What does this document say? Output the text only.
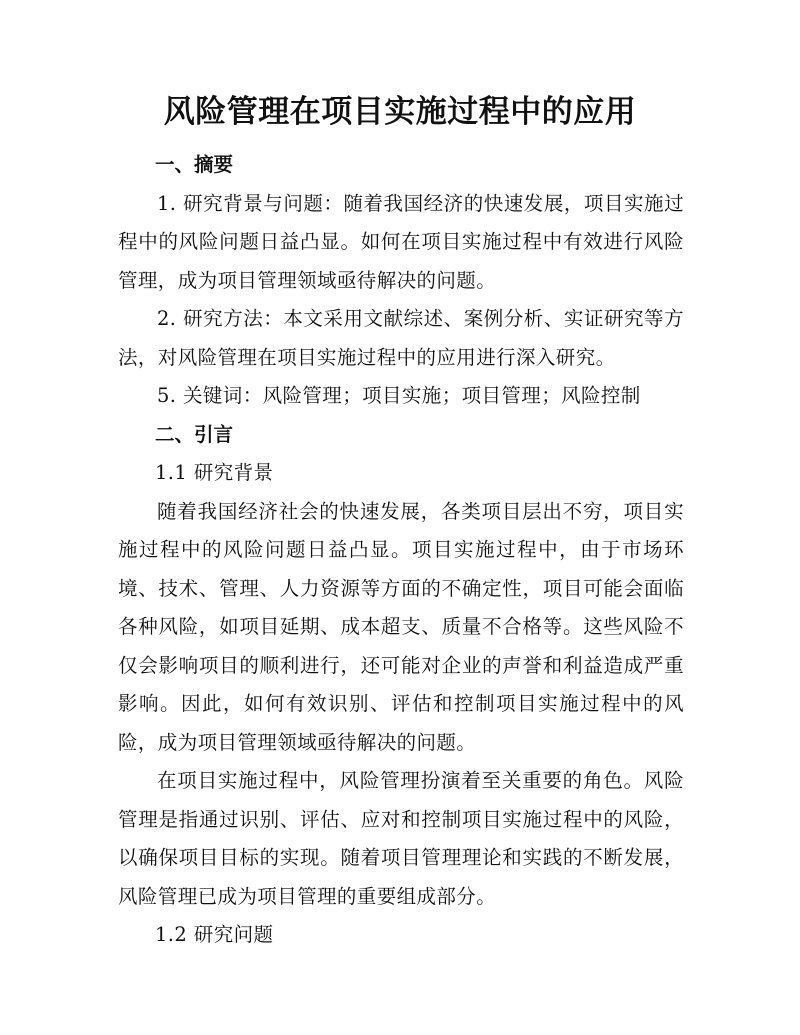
风险管理在项目实施过程中的应用

一、摘要

1. 研究背景与问题：随着我国经济的快速发展，项目实施过程中的风险问题日益凸显。如何在项目实施过程中有效进行风险管理，成为项目管理领域亟待解决的问题。

2. 研究方法：本文采用文献综述、案例分析、实证研究等方法，对风险管理在项目实施过程中的应用进行深入研究。

5. 关键词：风险管理；项目实施；项目管理；风险控制

二、引言

1.1 研究背景

随着我国经济社会的快速发展，各类项目层出不穷，项目实施过程中的风险问题日益凸显。项目实施过程中，由于市场环境、技术、管理、人力资源等方面的不确定性，项目可能会面临各种风险，如项目延期、成本超支、质量不合格等。这些风险不仅会影响项目的顺利进行，还可能对企业的声誉和利益造成严重影响。因此，如何有效识别、评估和控制项目实施过程中的风险，成为项目管理领域亟待解决的问题。

在项目实施过程中，风险管理扮演着至关重要的角色。风险管理是指通过识别、评估、应对和控制项目实施过程中的风险，以确保项目目标的实现。随着项目管理理论和实践的不断发展，风险管理已成为项目管理的重要组成部分。

1.2 研究问题
